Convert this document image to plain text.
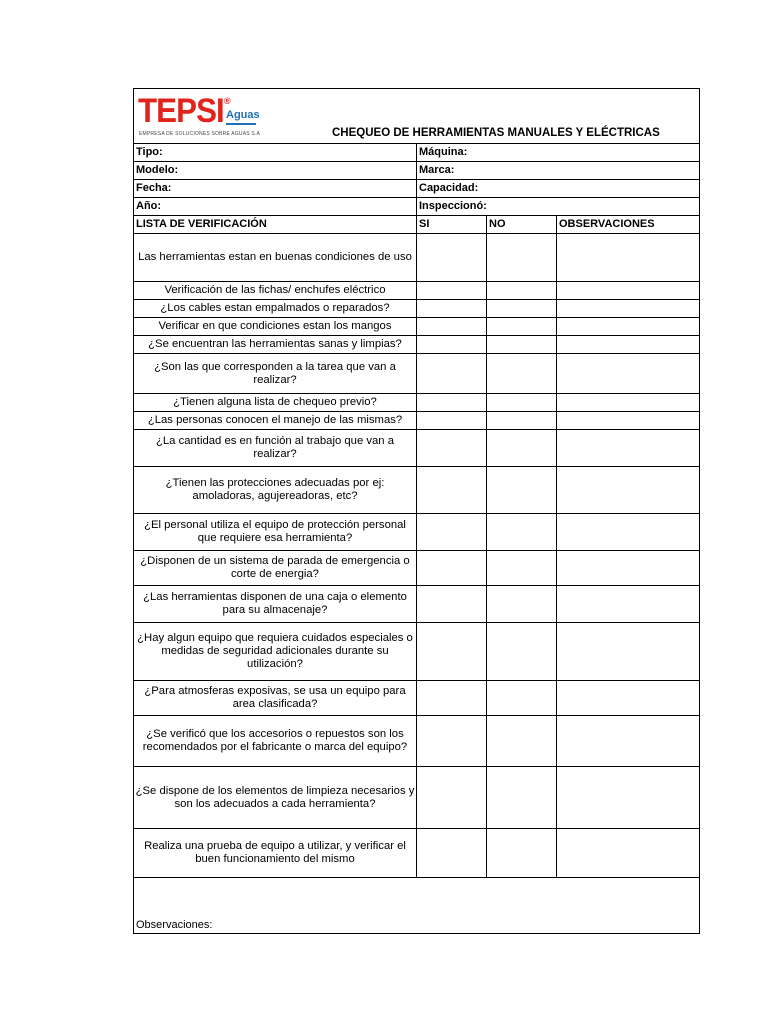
TEPSI ®
Aguas
EMPRESA DE SOLUCIONES SOBRE AGUAS S.A CHEQUEO DE HERRAMIENTAS MANUALES Y ELÉCTRICAS			

Tipo:	Máquina:		
Modelo:	Marca:		
Fecha:	Capacidad:		
Año:	Inspeccionó:		
LISTA DE VERIFICACIÓN	SI	NO	OBSERVACIONES
Las herramientas estan en buenas condiciones de uso			
Verificación de las fichas/ enchufes eléctrico			
¿Los cables estan empalmados o reparados?			
Verificar en que condiciones estan los mangos			
¿Se encuentran las herramientas sanas y limpias?			
¿Son las que corresponden a la tarea que van a realizar?			
¿Tienen alguna lista de chequeo previo?			
¿Las personas conocen el manejo de las mismas?			
¿La cantidad es en función al trabajo que van a realizar?			
¿Tienen las protecciones adecuadas por ej: amoladoras, agujereadoras, etc?			
¿El personal utiliza el equipo de protección personal que requiere esa herramienta?			
¿Disponen de un sistema de parada de emergencia o corte de energia?			
¿Las herramientas disponen de una caja o elemento para su almacenaje?			
¿Hay algun equipo que requiera cuidados especiales o medidas de seguridad adicionales durante su utilización?			
¿Para atmosferas exposivas, se usa un equipo para area clasificada?			
¿Se verificó que los accesorios o repuestos son los recomendados por el fabricante o marca del equipo?			
¿Se dispone de los elementos de limpieza necesarios y son los adecuados a cada herramienta?			
Realiza una prueba de equipo a utilizar, y verificar el buen funcionamiento del mismo			
Observaciones:			
